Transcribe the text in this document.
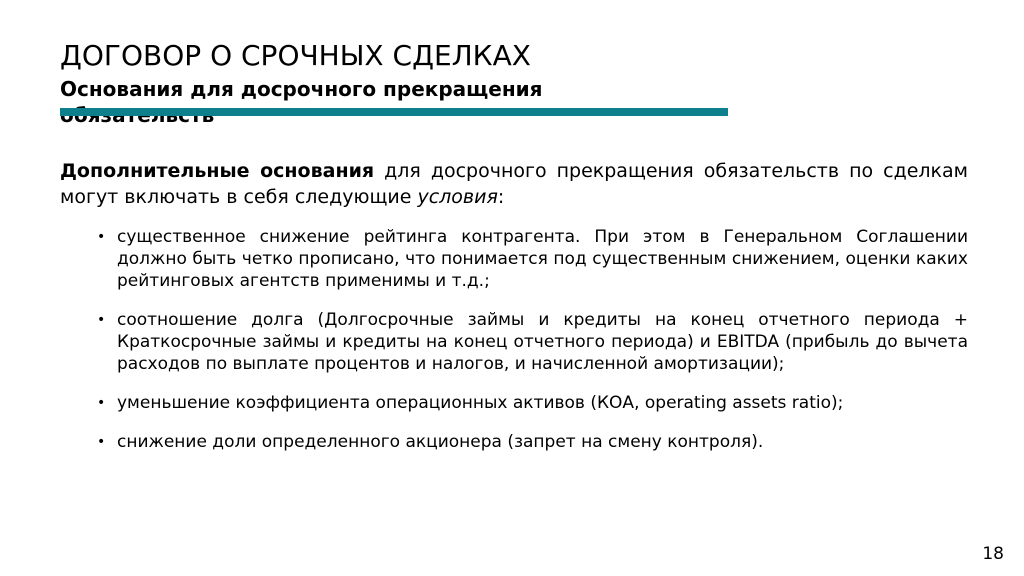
ДОГОВОР О СРОЧНЫХ СДЕЛКАХ

Основания для досрочного прекращения

Дополнительные основания для досрочного прекращения обязательств по сделкам могут включать в себя следующие условия:

• существенное снижение рейтинга контрагента. При этом в Генеральном Соглашении должно быть четко прописано, что понимается под существенным снижением, оценки каких рейтинговых агентств применимы и т.д.;
• соотношение долга (Долгосрочные займы и кредиты на конец отчетного периода + Краткосрочные займы и кредиты на конец отчетного периода) и EBITDA (прибыль до вычета расходов по выплате процентов и налогов, и начисленной амортизации);
• уменьшение коэффициента операционных активов (КОА, operating assets ratio);
• снижение доли определенного акционера (запрет на смену контроля).
18
